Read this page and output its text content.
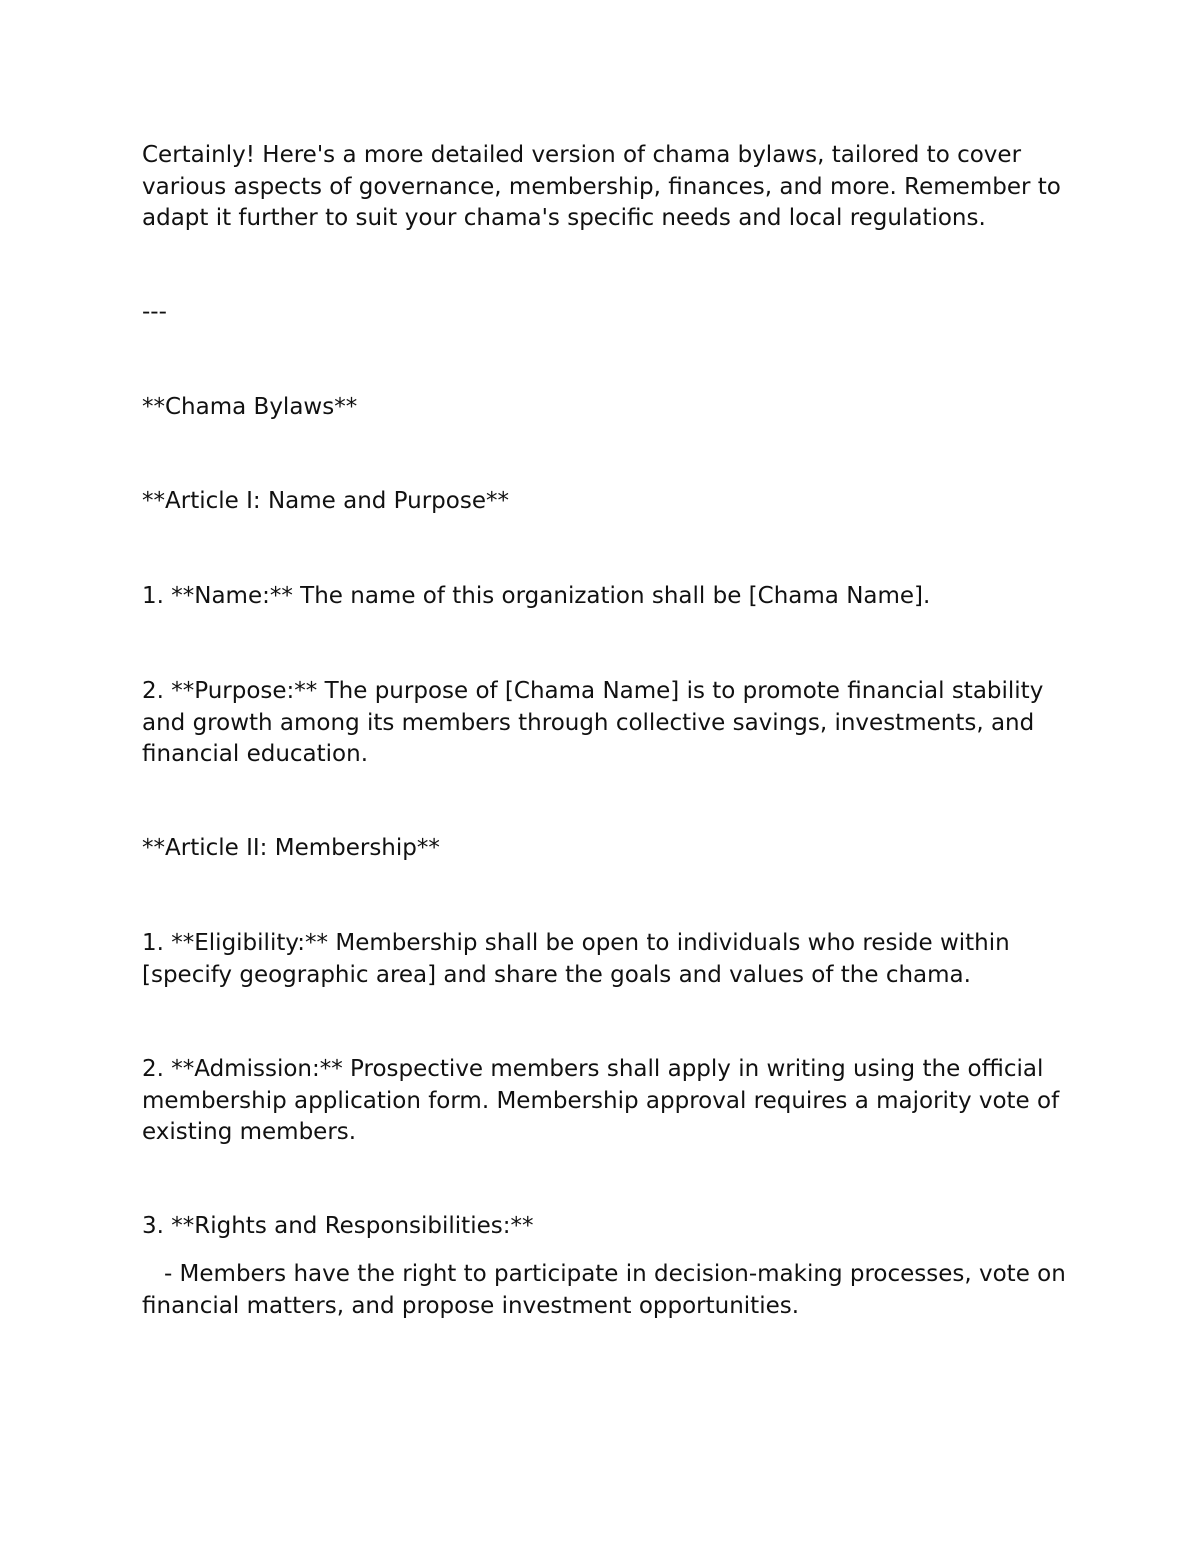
Certainly! Here's a more detailed version of chama bylaws, tailored to cover various aspects of governance, membership, finances, and more. Remember to adapt it further to suit your chama's specific needs and local regulations.

---

**Chama Bylaws**

**Article I: Name and Purpose**

1. **Name:** The name of this organization shall be [Chama Name].

2. **Purpose:** The purpose of [Chama Name] is to promote financial stability and growth among its members through collective savings, investments, and financial education.

**Article II: Membership**

1. **Eligibility:** Membership shall be open to individuals who reside within [specify geographic area] and share the goals and values of the chama.

2. **Admission:** Prospective members shall apply in writing using the official membership application form. Membership approval requires a majority vote of existing members.

3. **Rights and Responsibilities:**

- Members have the right to participate in decision-making processes, vote on financial matters, and propose investment opportunities.
